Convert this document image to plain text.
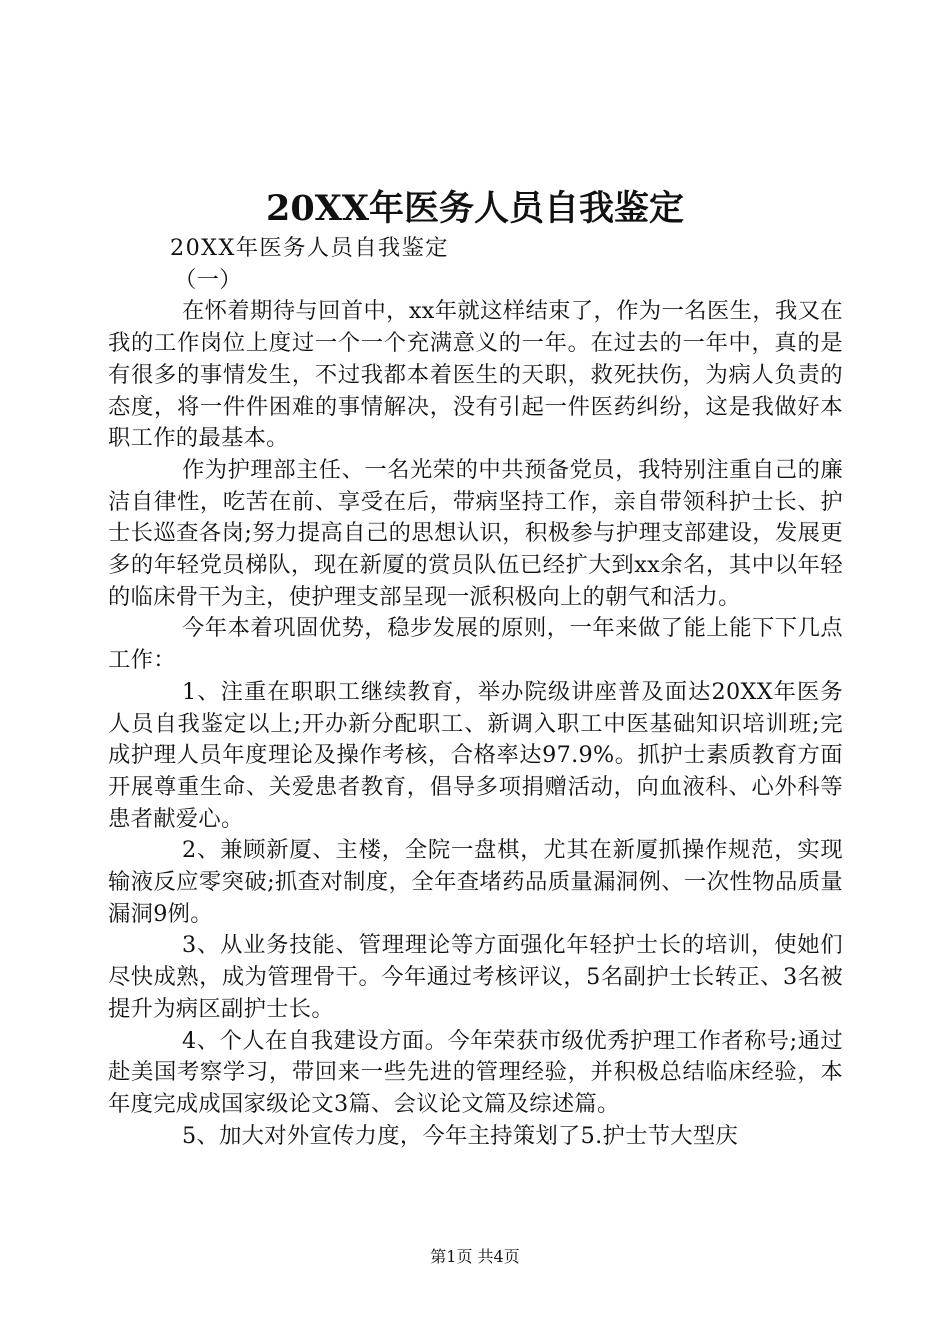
20XX年医务人员自我鉴定

20XX年医务人员自我鉴定

（一）

在怀着期待与回首中，xx年就这样结束了，作为一名医生，我又在我的工作岗位上度过一个一个充满意义的一年。在过去的一年中，真的是有很多的事情发生，不过我都本着医生的天职，救死扶伤，为病人负责的态度，将一件件困难的事情解决，没有引起一件医药纠纷，这是我做好本职工作的最基本。

作为护理部主任、一名光荣的中共预备党员，我特别注重自己的廉洁自律性，吃苦在前、享受在后，带病坚持工作，亲自带领科护士长、护士长巡查各岗;努力提高自己的思想认识，积极参与护理支部建设，发展更多的年轻党员梯队，现在新厦的赏员队伍已经扩大到xx余名，其中以年轻的临床骨干为主，使护理支部呈现一派积极向上的朝气和活力。

今年本着巩固优势，稳步发展的原则，一年来做了能上能下下几点工作：

1、注重在职职工继续教育，举办院级讲座普及面达20XX年医务人员自我鉴定以上;开办新分配职工、新调入职工中医基础知识培训班;完成护理人员年度理论及操作考核，合格率达97.9%。抓护士素质教育方面开展尊重生命、关爱患者教育，倡导多项捐赠活动，向血液科、心外科等患者献爱心。

2、兼顾新厦、主楼，全院一盘棋，尤其在新厦抓操作规范，实现输液反应零突破;抓查对制度，全年查堵药品质量漏洞例、一次性物品质量漏洞9例。

3、从业务技能、管理理论等方面强化年轻护士长的培训，使她们尽快成熟，成为管理骨干。今年通过考核评议，5名副护士长转正、3名被提升为病区副护士长。

4、个人在自我建设方面。今年荣获市级优秀护理工作者称号;通过赴美国考察学习，带回来一些先进的管理经验，并积极总结临床经验，本年度完成成国家级论文3篇、会议论文篇及综述篇。

5、加大对外宣传力度，今年主持策划了5.护士节大型庆

第1页 共4页
